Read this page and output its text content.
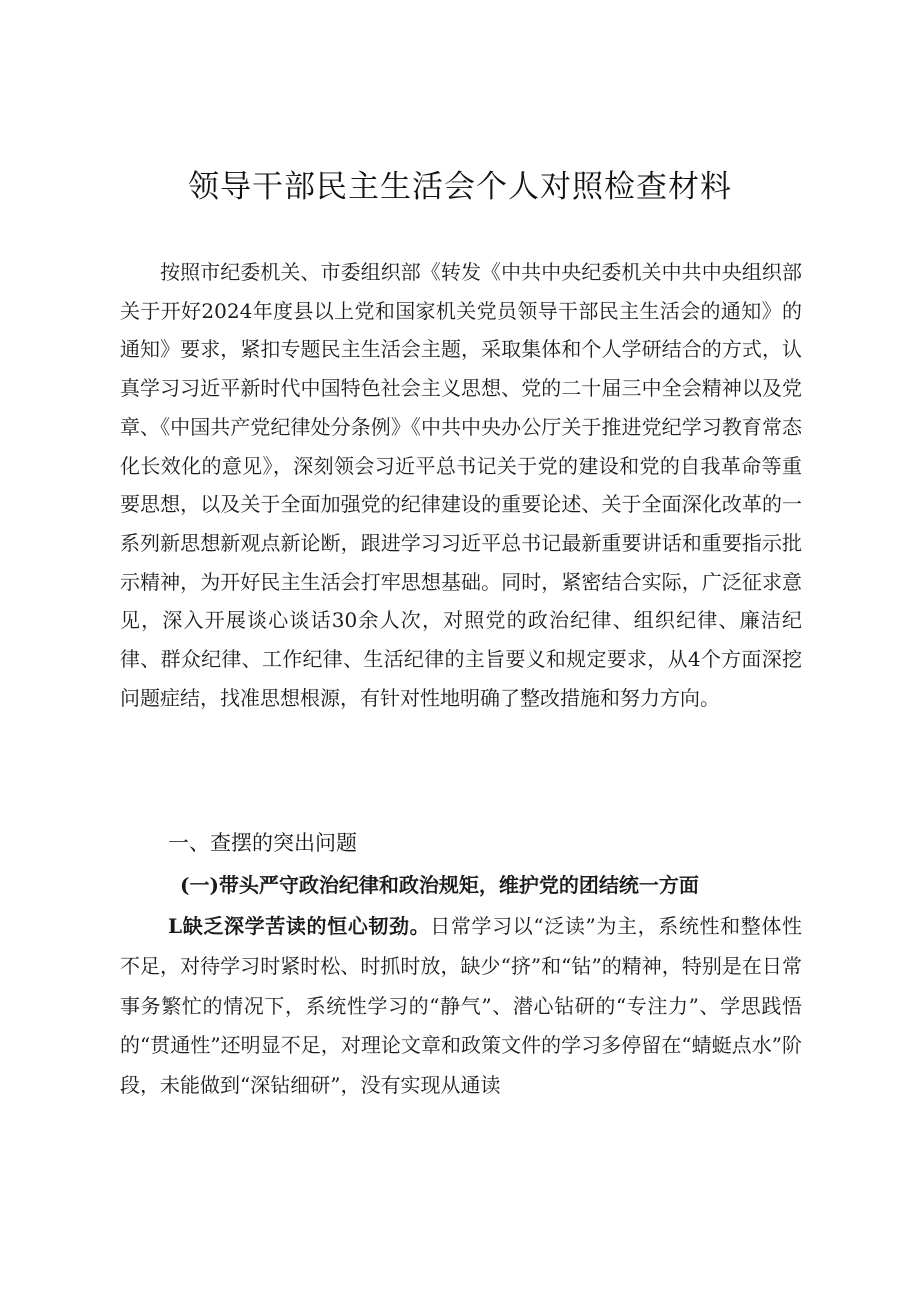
领导干部民主生活会个人对照检查材料

按照市纪委机关、市委组织部《转发《中共中央纪委机关中共中央组织部关于开好2024年度县以上党和国家机关党员领导干部民主生活会的通知》的通知》要求，紧扣专题民主生活会主题，采取集体和个人学研结合的方式，认真学习习近平新时代中国特色社会主义思想、党的二十届三中全会精神以及党章、《中国共产党纪律处分条例》《中共中央办公厅关于推进党纪学习教育常态化长效化的意见》，深刻领会习近平总书记关于党的建设和党的自我革命等重要思想，以及关于全面加强党的纪律建设的重要论述、关于全面深化改革的一系列新思想新观点新论断，跟进学习习近平总书记最新重要讲话和重要指示批示精神，为开好民主生活会打牢思想基础。同时，紧密结合实际，广泛征求意见，深入开展谈心谈话30余人次，对照党的政治纪律、组织纪律、廉洁纪律、群众纪律、工作纪律、生活纪律的主旨要义和规定要求，从4个方面深挖问题症结，找准思想根源，有针对性地明确了整改措施和努力方向。

一、查摆的突出问题

(一)带头严守政治纪律和政治规矩，维护党的团结统一方面

L缺乏深学苦读的恒心韧劲。日常学习以“泛读”为主，系统性和整体性不足，对待学习时紧时松、时抓时放，缺少“挤”和“钻”的精神，特别是在日常事务繁忙的情况下，系统性学习的“静气”、潜心钻研的“专注力”、学思践悟的“贯通性”还明显不足，对理论文章和政策文件的学习多停留在“蜻蜓点水”阶段，未能做到“深钻细研”，没有实现从通读
